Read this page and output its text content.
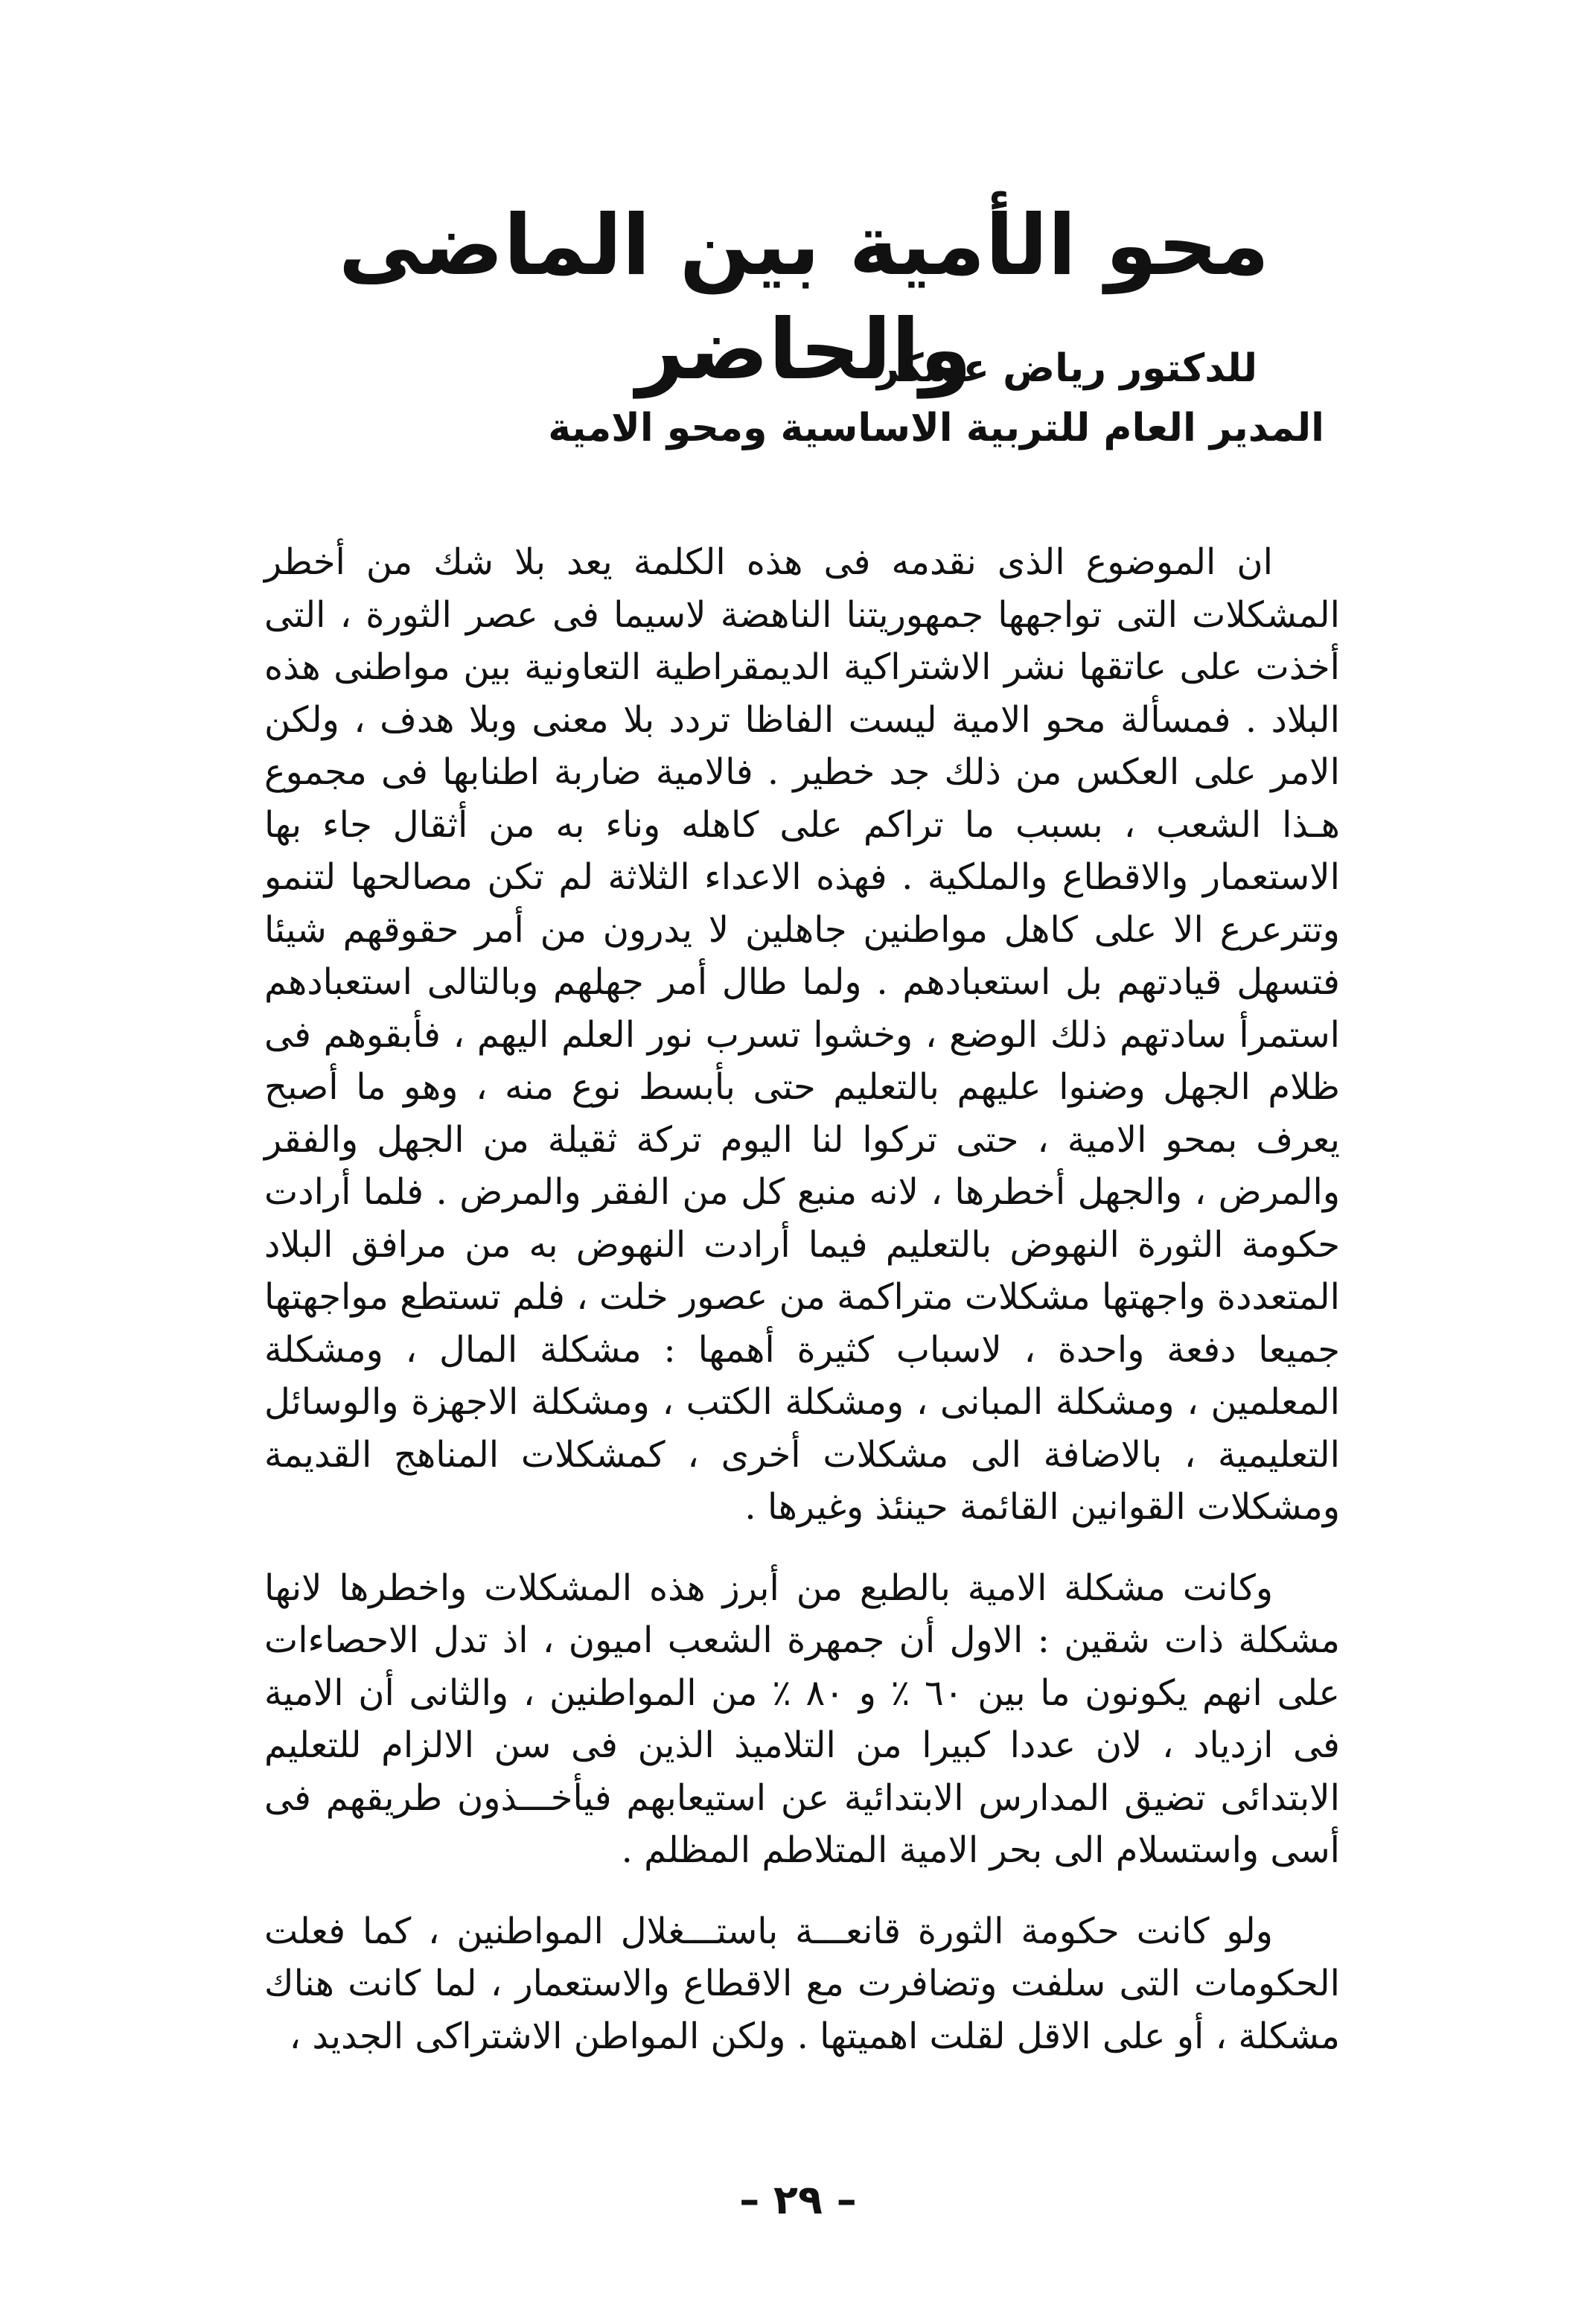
محو الأمية بين الماضى والحاضر
للدكتور رياض عسكر
المدير العام للتربية الاساسية ومحو الامية

ان الموضوع الذى نقدمه فى هذه الكلمة يعد بلا شك من أخطر المشكلات التى تواجهها جمهوريتنا الناهضة لاسيما فى عصر الثورة ، التى أخذت على عاتقها نشر الاشتراكية الديمقراطية التعاونية بين مواطنى هذه البلاد . فمسألة محو الامية ليست الفاظا تردد بلا معنى وبلا هدف ، ولكن الامر على العكس من ذلك جد خطير . فالامية ضاربة اطنابها فى مجموع هـذا الشعب ، بسبب ما تراكم على كاهله وناء به من أثقال جاء بها الاستعمار والاقطاع والملكية . فهذه الاعداء الثلاثة لم تكن مصالحها لتنمو وتترعرع الا على كاهل مواطنين جاهلين لا يدرون من أمر حقوقهم شيئا فتسهل قيادتهم بل استعبادهم . ولما طال أمر جهلهم وبالتالى استعبادهم استمرأ سادتهم ذلك الوضع ، وخشوا تسرب نور العلم اليهم ، فأبقوهم فى ظلام الجهل وضنوا عليهم بالتعليم حتى بأبسط نوع منه ، وهو ما أصبح يعرف بمحو الامية ، حتى تركوا لنا اليوم تركة ثقيلة من الجهل والفقر والمرض ، والجهل أخطرها ، لانه منبع كل من الفقر والمرض . فلما أرادت حكومة الثورة النهوض بالتعليم فيما أرادت النهوض به من مرافق البلاد المتعددة واجهتها مشكلات متراكمة من عصور خلت ، فلم تستطع مواجهتها جميعا دفعة واحدة ، لاسباب كثيرة أهمها : مشكلة المال ، ومشكلة المعلمين ، ومشكلة المبانى ، ومشكلة الكتب ، ومشكلة الاجهزة والوسائل التعليمية ، بالاضافة الى مشكلات أخرى ، كمشكلات المناهج القديمة ومشكلات القوانين القائمة حينئذ وغيرها .

وكانت مشكلة الامية بالطبع من أبرز هذه المشكلات واخطرها لانها مشكلة ذات شقين : الاول أن جمهرة الشعب اميون ، اذ تدل الاحصاءات على انهم يكونون ما بين ٦٠ ٪ و ٨٠ ٪ من المواطنين ، والثانى أن الامية فى ازدياد ، لان عددا كبيرا من التلاميذ الذين فى سن الالزام للتعليم الابتدائى تضيق المدارس الابتدائية عن استيعابهم فيأخـــذون طريقهم فى أسى واستسلام الى بحر الامية المتلاطم المظلم .

ولو كانت حكومة الثورة قانعـــة باستـــغلال المواطنين ، كما فعلت الحكومات التى سلفت وتضافرت مع الاقطاع والاستعمار ، لما كانت هناك مشكلة ، أو على الاقل لقلت اهميتها . ولكن المواطن الاشتراكى الجديد ،

– ٢٩ –
